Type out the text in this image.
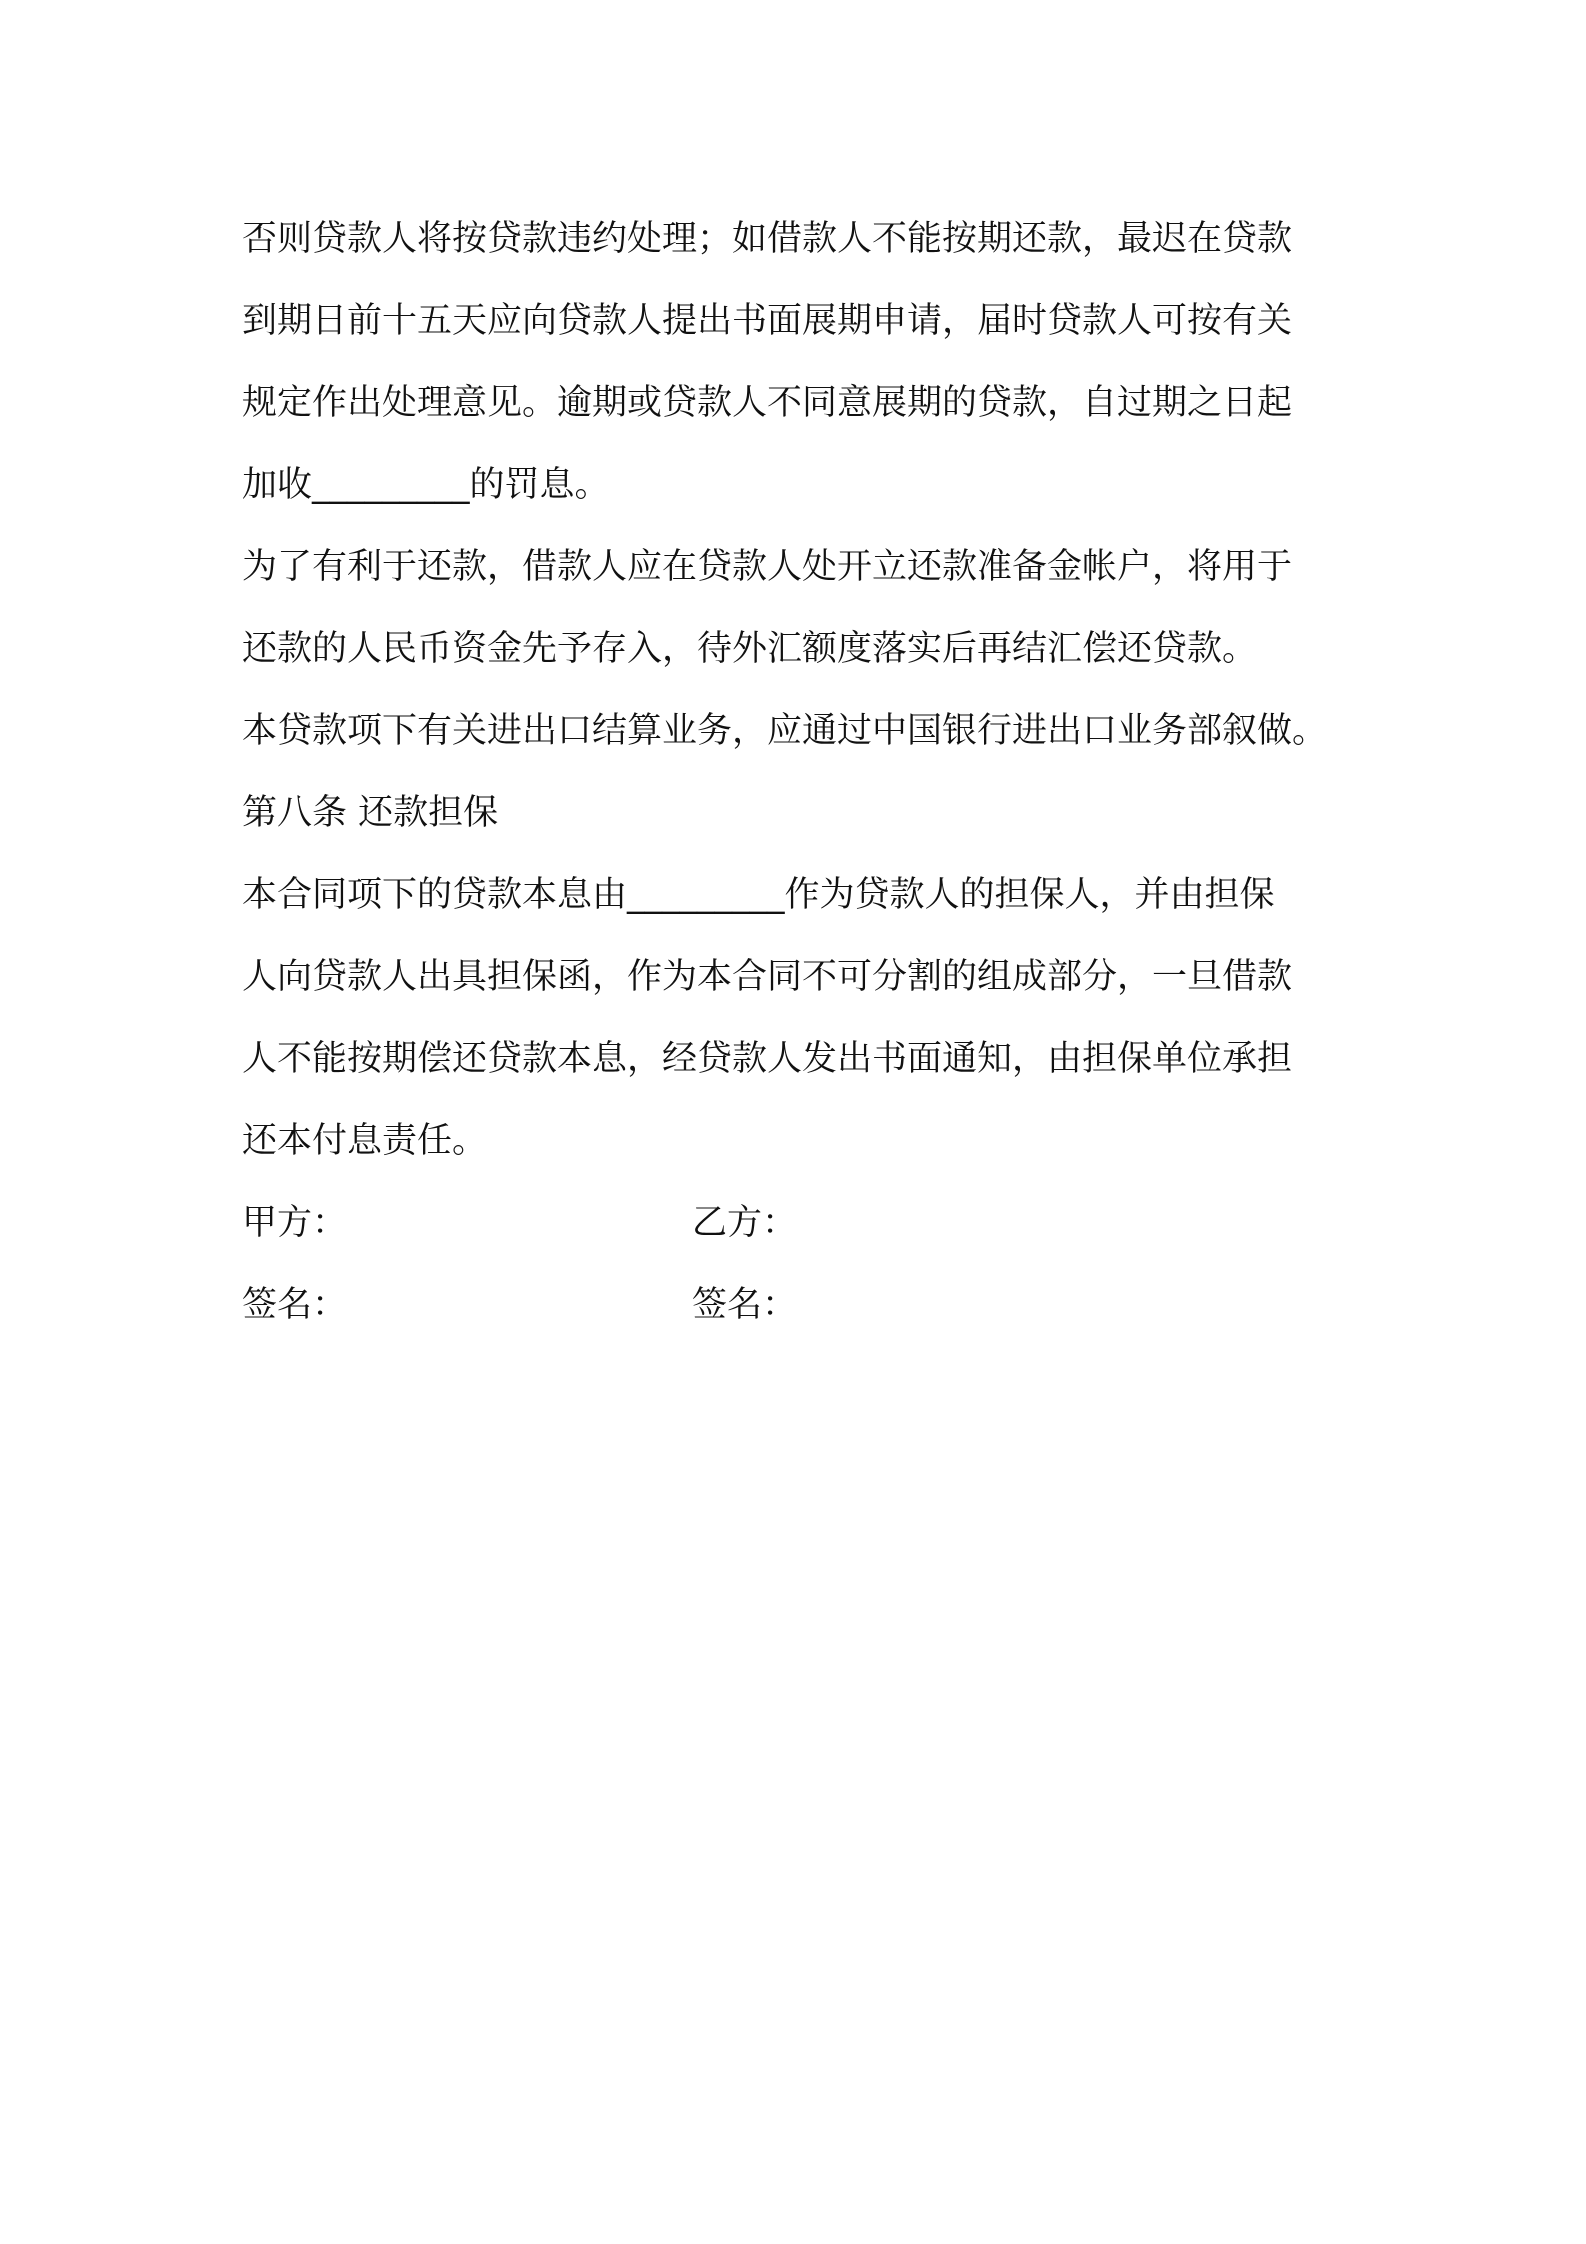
否则贷款人将按贷款违约处理；如借款人不能按期还款，最迟在贷款
到期日前十五天应向贷款人提出书面展期申请，届时贷款人可按有关
规定作出处理意见。逾期或贷款人不同意展期的贷款，自过期之日起
加收_________的罚息。
为了有利于还款，借款人应在贷款人处开立还款准备金帐户，将用于
还款的人民币资金先予存入，待外汇额度落实后再结汇偿还贷款。
本贷款项下有关进出口结算业务，应通过中国银行进出口业务部叙做。
第八条 还款担保
本合同项下的贷款本息由_________作为贷款人的担保人，并由担保
人向贷款人出具担保函，作为本合同不可分割的组成部分，一旦借款
人不能按期偿还贷款本息，经贷款人发出书面通知，由担保单位承担
还本付息责任。
甲方：	乙方：
签名：	签名：
